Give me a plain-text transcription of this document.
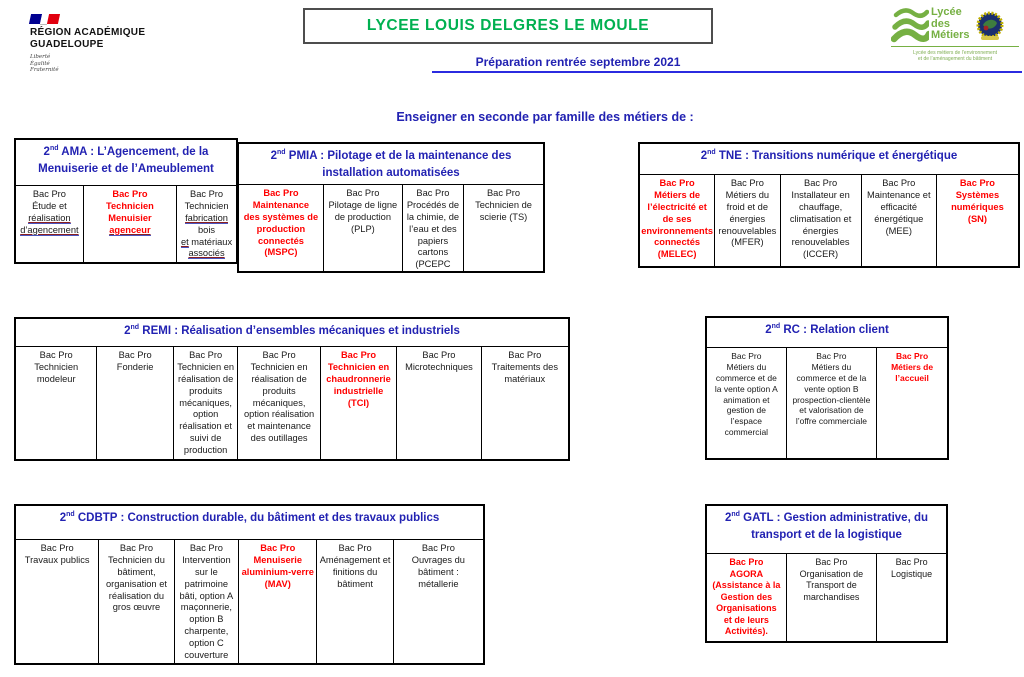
RÉGION ACADÉMIQUE
GUADELOUPE
Liberté
Égalité
Fraternité
LYCEE LOUIS DELGRES LE MOULE
Préparation rentrée septembre 2021
Lycée
des
Métiers
Lycée des métiers de l’environnement
et de l’aménagement du bâtiment
Enseigner en seconde par famille des métiers de :
2nd AMA : L’Agencement, de la Menuiserie et de l’Ameublement
Bac Pro
Étude et
réalisation
d’agencement
Bac Pro
Technicien
Menuisier
agenceur
Bac Pro
Technicien
fabrication
bois
et matériaux
associés
2nd PMIA : Pilotage et de la maintenance des installation automatisées
Bac Pro
Maintenance
des systèmes de
production
connectés
(MSPC)
Bac Pro
Pilotage de ligne
de production
(PLP)
Bac Pro
Procédés de
la chimie, de
l’eau et des
papiers
cartons
(PCEPC
Bac Pro
Technicien de
scierie (TS)
2nd TNE : Transitions numérique et énergétique
Bac Pro
Métiers de
l’électricité et
de ses
environnements
connectés
(MELEC)
Bac Pro
Métiers du
froid et de
énergies
renouvelables
(MFER)
Bac Pro
Installateur en
chauffage,
climatisation et
énergies
renouvelables
(ICCER)
Bac Pro
Maintenance et
efficacité
énergétique
(MEE)
Bac Pro
Systèmes
numériques
(SN)
2nd REMI : Réalisation d’ensembles mécaniques et industriels
Bac Pro
Technicien
modeleur
Bac Pro
Fonderie
Bac Pro
Technicien en
réalisation de
produits
mécaniques,
option
réalisation et
suivi de
production
Bac Pro
Technicien en
réalisation de
produits
mécaniques,
option réalisation
et maintenance
des outillages
Bac Pro
Technicien en
chaudronnerie
industrielle
(TCI)
Bac Pro
Microtechniques
Bac Pro
Traitements des
matériaux
2nd RC : Relation client
Bac Pro
Métiers du
commerce et de
la vente option A
animation et
gestion de
l’espace
commercial
Bac Pro
Métiers du
commerce et de la
vente option B
prospection-clientèle
et valorisation de
l’offre commerciale
Bac Pro
Métiers de
l’accueil
2nd CDBTP : Construction durable, du bâtiment et des travaux publics
Bac Pro
Travaux publics
Bac Pro
Technicien du
bâtiment,
organisation et
réalisation du
gros œuvre
Bac Pro
Intervention
sur le
patrimoine
bâti, option A
maçonnerie,
option B
charpente,
option C
couverture
Bac Pro
Menuiserie
aluminium-verre
(MAV)
Bac Pro
Aménagement et
finitions du
bâtiment
Bac Pro
Ouvrages du
bâtiment :
métallerie
2nd GATL : Gestion administrative, du transport et de la logistique
Bac Pro
AGORA
(Assistance à la
Gestion des
Organisations
et de leurs
Activités).
Bac Pro
Organisation de
Transport de
marchandises
Bac Pro
Logistique
